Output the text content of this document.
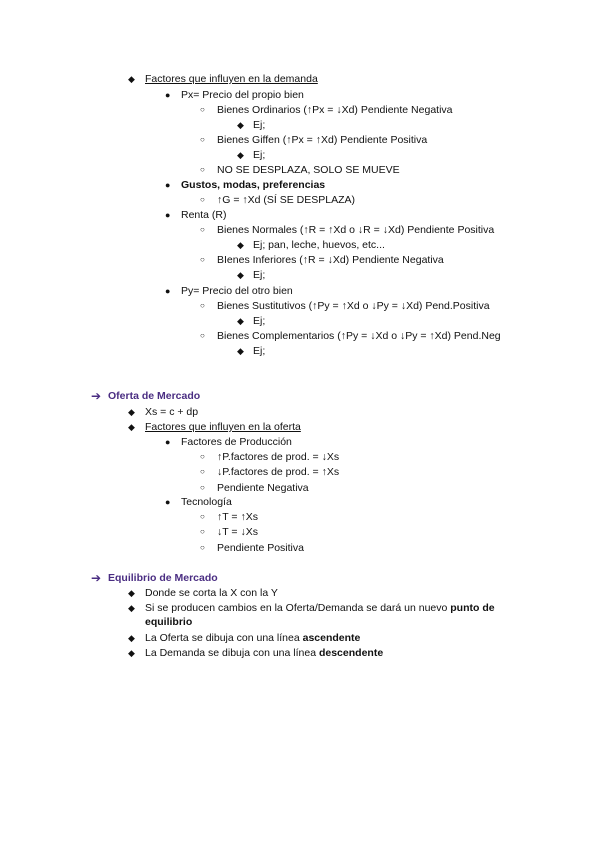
◆ Factores que influyen en la demanda
● Px= Precio del propio bien
○ Bienes Ordinarios (↑Px = ↓Xd) Pendiente Negativa
◆ Ej;
○ Bienes Giffen (↑Px = ↑Xd) Pendiente Positiva
◆ Ej;
○ NO SE DESPLAZA, SOLO SE MUEVE
● Gustos, modas, preferencias
○ ↑G = ↑Xd (SÍ SE DESPLAZA)
● Renta (R)
○ Bienes Normales (↑R = ↑Xd o ↓R = ↓Xd) Pendiente Positiva
◆ Ej; pan, leche, huevos, etc...
○ BIenes Inferiores (↑R = ↓Xd) Pendiente Negativa
◆ Ej;
● Py= Precio del otro bien
○ Bienes Sustitutivos (↑Py = ↑Xd o ↓Py = ↓Xd) Pend.Positiva
◆ Ej;
○ Bienes Complementarios (↑Py = ↓Xd o ↓Py = ↑Xd) Pend.Neg
◆ Ej;
➔ Oferta de Mercado
◆ Xs = c + dp
◆ Factores que influyen en la oferta
● Factores de Producción
○ ↑P.factores de prod. = ↓Xs
○ ↓P.factores de prod. = ↑Xs
○ Pendiente Negativa
● Tecnología
○ ↑T = ↑Xs
○ ↓T = ↓Xs
○ Pendiente Positiva
➔ Equilibrio de Mercado
◆ Donde se corta la X con la Y
◆ Si se producen cambios en la Oferta/Demanda se dará un nuevo punto de equilibrio
◆ La Oferta se dibuja con una línea ascendente
◆ La Demanda se dibuja con una línea descendente
